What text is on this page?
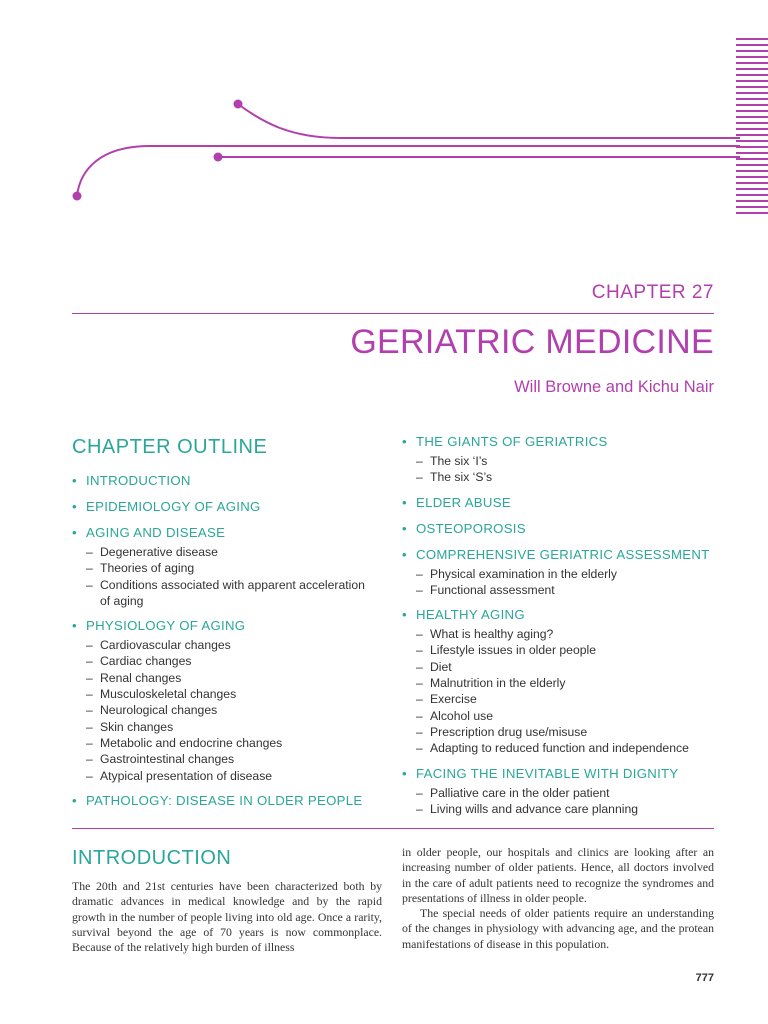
CHAPTER 27
GERIATRIC MEDICINE
Will Browne and Kichu Nair
CHAPTER OUTLINE
• INTRODUCTION
• EPIDEMIOLOGY OF AGING
• AGING AND DISEASE
– Degenerative disease
– Theories of aging
– Conditions associated with apparent acceleration of aging
• PHYSIOLOGY OF AGING
– Cardiovascular changes
– Cardiac changes
– Renal changes
– Musculoskeletal changes
– Neurological changes
– Skin changes
– Metabolic and endocrine changes
– Gastrointestinal changes
– Atypical presentation of disease
• PATHOLOGY: DISEASE IN OLDER PEOPLE
• THE GIANTS OF GERIATRICS
– The six ‘I’s
– The six ‘S’s
• ELDER ABUSE
• OSTEOPOROSIS
• COMPREHENSIVE GERIATRIC ASSESSMENT
– Physical examination in the elderly
– Functional assessment
• HEALTHY AGING
– What is healthy aging?
– Lifestyle issues in older people
– Diet
– Malnutrition in the elderly
– Exercise
– Alcohol use
– Prescription drug use/misuse
– Adapting to reduced function and independence
• FACING THE INEVITABLE WITH DIGNITY
– Palliative care in the older patient
– Living wills and advance care planning
INTRODUCTION

The 20th and 21st centuries have been characterized both by dramatic advances in medical knowledge and by the rapid growth in the number of people living into old age. Once a rarity, survival beyond the age of 70 years is now commonplace. Because of the relatively high burden of illness

in older people, our hospitals and clinics are looking after an increasing number of older patients. Hence, all doctors involved in the care of adult patients need to recognize the syndromes and presentations of illness in older people.

The special needs of older patients require an understanding of the changes in physiology with advancing age, and the protean manifestations of disease in this population.

777
